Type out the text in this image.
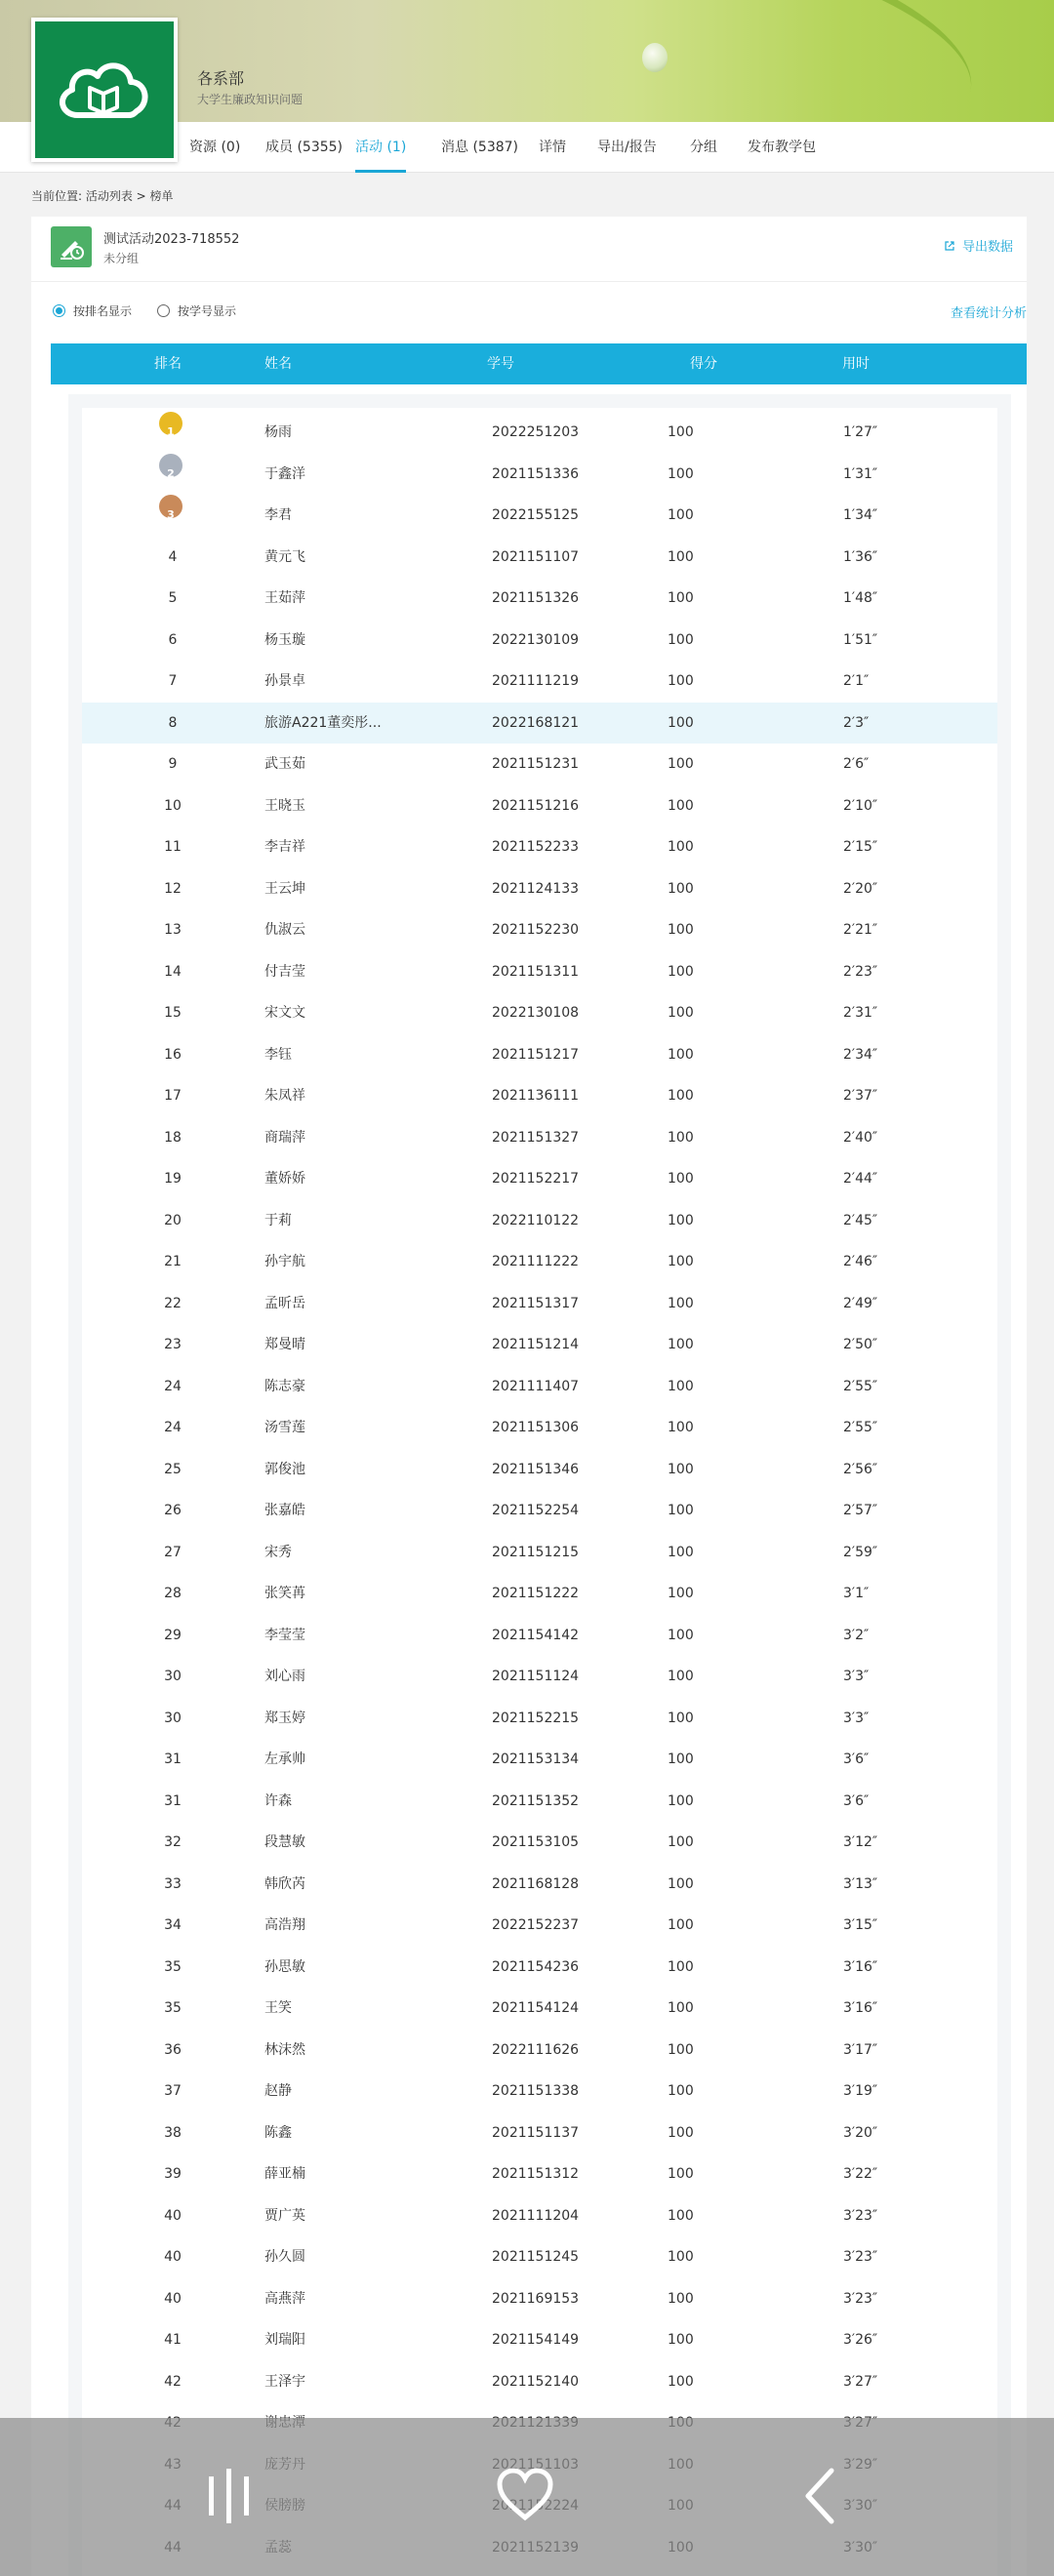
各系部
大学生廉政知识问题
资源 (0) 成员 (5355) 活动 (1)	消息 (5387) 详情 导出/报告 分组 发布教学包
当前位置: 活动列表 > 榜单
测试活动2023-718552
未分组
导出数据
按排名显示	按学号显示	查看统计分析
排名	姓名	学号	得分	用时
1	杨雨	2022251203	100	1′27″
2	于鑫洋	2021151336	100	1′31″
3	李君	2022155125	100	1′34″
4	黄元飞	2021151107	100	1′36″
5	王茹萍	2021151326	100	1′48″
6	杨玉璇	2022130109	100	1′51″
7	孙景卓	2021111219	100	2′1″
8	旅游A221董奕彤...	2022168121	100	2′3″
9	武玉茹	2021151231	100	2′6″
10	王晓玉	2021151216	100	2′10″
11	李吉祥	2021152233	100	2′15″
12	王云坤	2021124133	100	2′20″
13	仇淑云	2021152230	100	2′21″
14	付吉莹	2021151311	100	2′23″
15	宋文文	2022130108	100	2′31″
16	李钰	2021151217	100	2′34″
17	朱凤祥	2021136111	100	2′37″
18	商瑞萍	2021151327	100	2′40″
19	董娇娇	2021152217	100	2′44″
20	于莉	2022110122	100	2′45″
21	孙宇航	2021111222	100	2′46″
22	孟昕岳	2021151317	100	2′49″
23	郑曼晴	2021151214	100	2′50″
24	陈志豪	2021111407	100	2′55″
24	汤雪莲	2021151306	100	2′55″
25	郭俊池	2021151346	100	2′56″
26	张嘉皓	2021152254	100	2′57″
27	宋秀	2021151215	100	2′59″
28	张笑苒	2021151222	100	3′1″
29	李莹莹	2021154142	100	3′2″
30	刘心雨	2021151124	100	3′3″
30	郑玉婷	2021152215	100	3′3″
31	左承帅	2021153134	100	3′6″
31	许森	2021151352	100	3′6″
32	段慧敏	2021153105	100	3′12″
33	韩欣芮	2021168128	100	3′13″
34	高浩翔	2022152237	100	3′15″
35	孙思敏	2021154236	100	3′16″
35	王笑	2021154124	100	3′16″
36	林沫然	2022111626	100	3′17″
37	赵静	2021151338	100	3′19″
38	陈鑫	2021151137	100	3′20″
39	薛亚楠	2021151312	100	3′22″
40	贾广英	2021111204	100	3′23″
40	孙久圆	2021151245	100	3′23″
40	高燕萍	2021169153	100	3′23″
41	刘瑞阳	2021154149	100	3′26″
42	王泽宇	2021152140	100	3′27″
